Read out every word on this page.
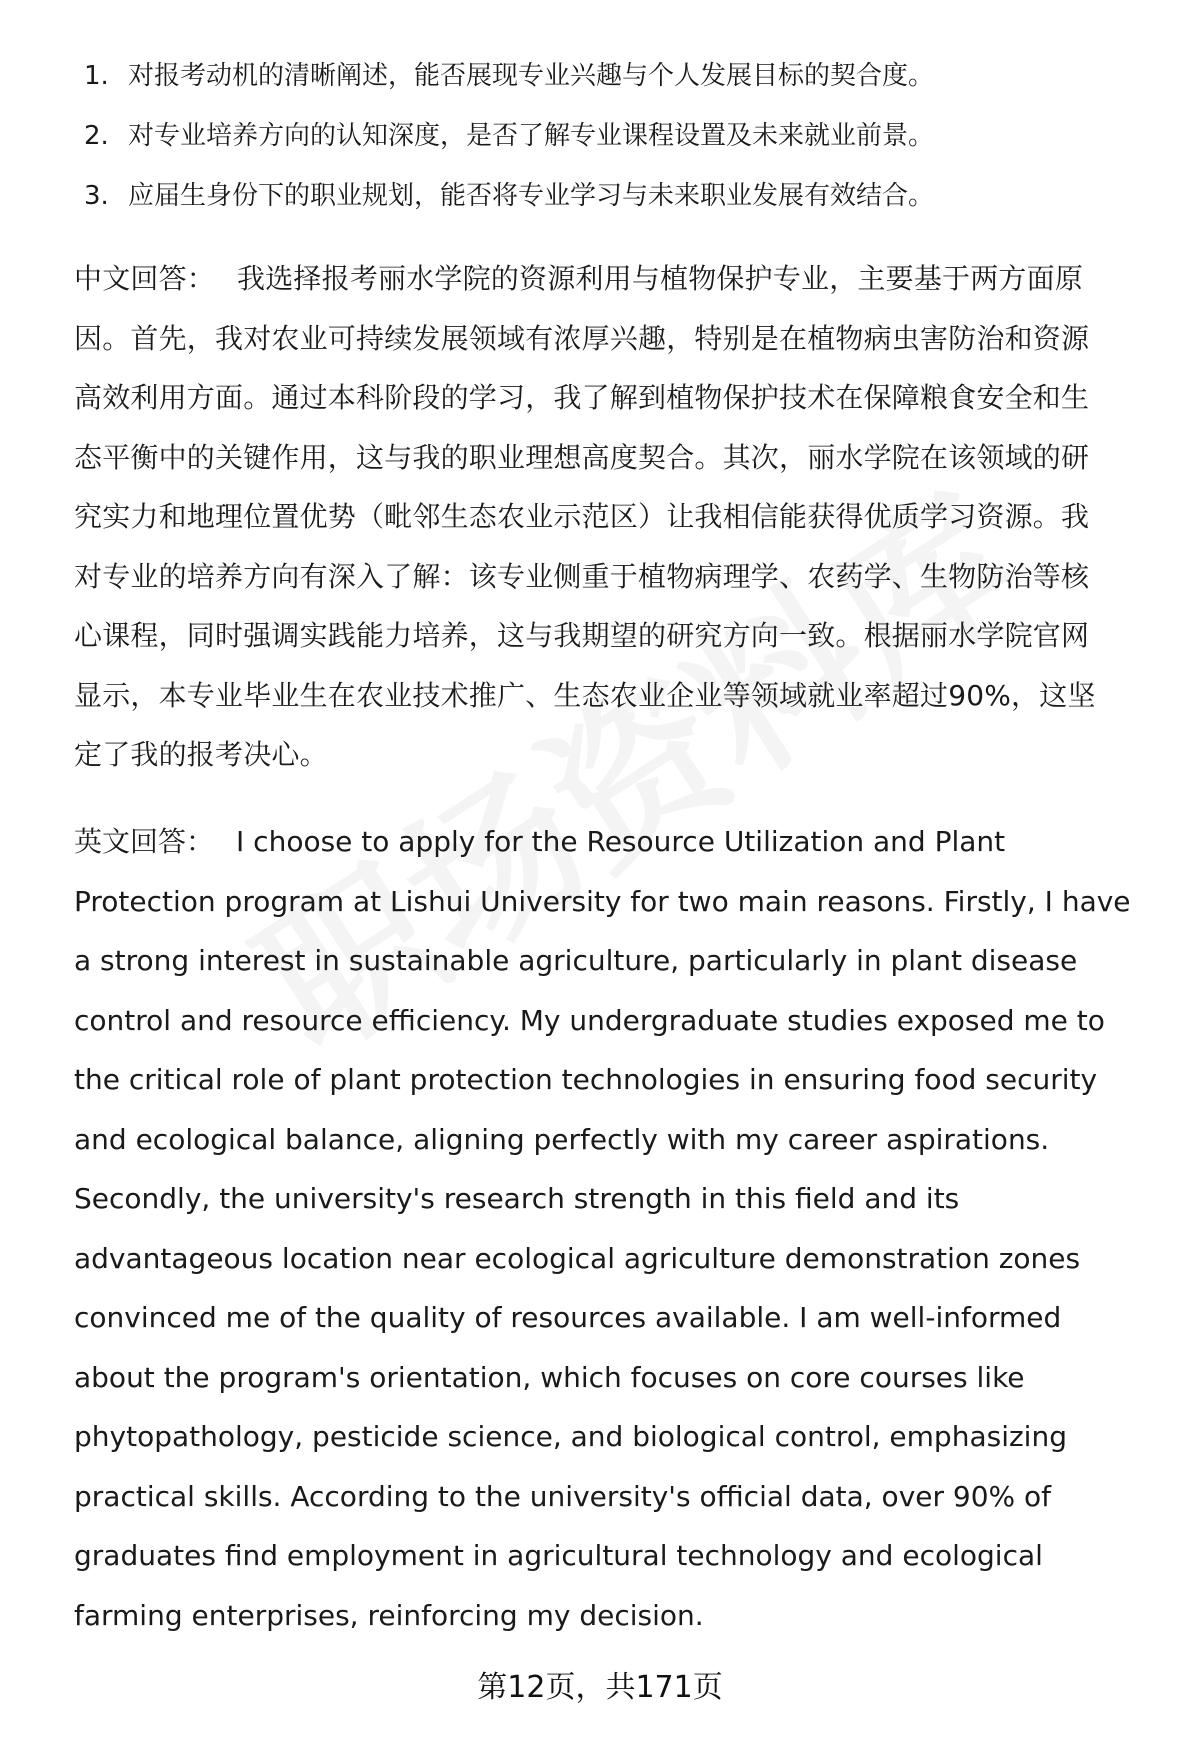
1. 对报考动机的清晰阐述，能否展现专业兴趣与个人发展目标的契合度。
2. 对专业培养方向的认知深度，是否了解专业课程设置及未来就业前景。
3. 应届生身份下的职业规划，能否将专业学习与未来职业发展有效结合。
中文回答： 我选择报考丽水学院的资源利用与植物保护专业，主要基于两方面原
因。首先，我对农业可持续发展领域有浓厚兴趣，特别是在植物病虫害防治和资源
高效利用方面。通过本科阶段的学习，我了解到植物保护技术在保障粮食安全和生
态平衡中的关键作用，这与我的职业理想高度契合。其次，丽水学院在该领域的研
究实力和地理位置优势（毗邻生态农业示范区）让我相信能获得优质学习资源。我
对专业的培养方向有深入了解：该专业侧重于植物病理学、农药学、生物防治等核
心课程，同时强调实践能力培养，这与我期望的研究方向一致。根据丽水学院官网
显示，本专业毕业生在农业技术推广、生态农业企业等领域就业率超过90%，这坚
定了我的报考决心。
英文回答： I choose to apply for the Resource Utilization and Plant
Protection program at Lishui University for two main reasons. Firstly, I have
a strong interest in sustainable agriculture, particularly in plant disease
control and resource efficiency. My undergraduate studies exposed me to
the critical role of plant protection technologies in ensuring food security
and ecological balance, aligning perfectly with my career aspirations.
Secondly, the university's research strength in this field and its
advantageous location near ecological agriculture demonstration zones
convinced me of the quality of resources available. I am well-informed
about the program's orientation, which focuses on core courses like
phytopathology, pesticide science, and biological control, emphasizing
practical skills. According to the university's official data, over 90% of
graduates find employment in agricultural technology and ecological
farming enterprises, reinforcing my decision.
第12页，共171页
